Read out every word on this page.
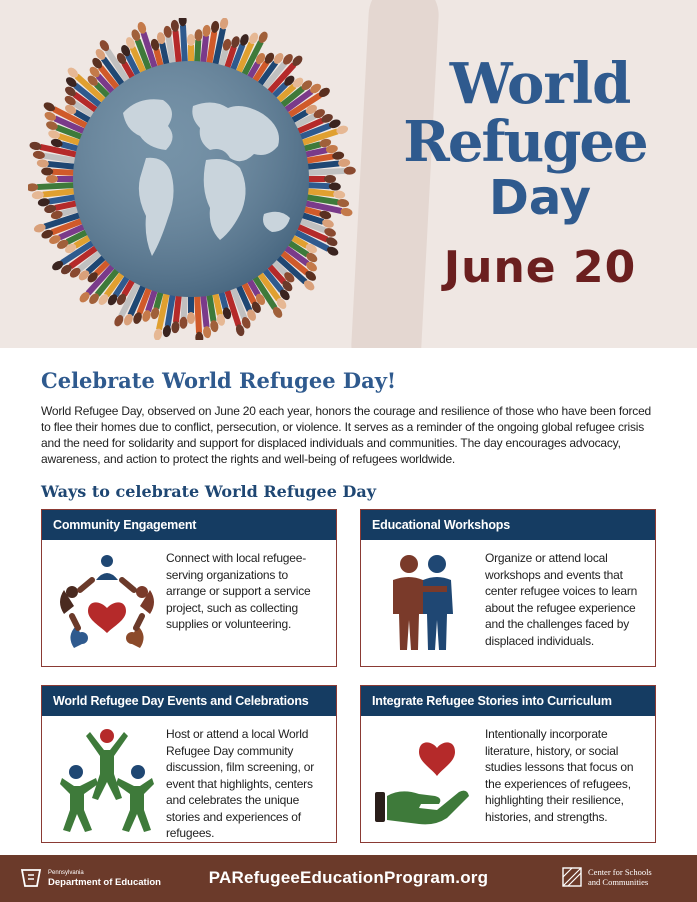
World
Refugee
Day
June 20
Celebrate World Refugee Day!
World Refugee Day, observed on June 20 each year, honors the courage and resilience of those who have been forced to flee their homes due to conflict, persecution, or violence. It serves as a reminder of the ongoing global refugee crisis and the need for solidarity and support for displaced individuals and communities. The day encourages advocacy, awareness, and action to protect the rights and well-being of refugees worldwide.
Ways to celebrate World Refugee Day
Community Engagement
Connect with local refugee-serving organizations to arrange or support a service project, such as collecting supplies or volunteering.
Educational Workshops
Organize or attend local workshops and events that center refugee voices to learn about the refugee experience and the challenges faced by displaced individuals.
World Refugee Day Events and Celebrations
Host or attend a local World Refugee Day community discussion, film screening, or event that highlights, centers and celebrates the unique stories and experiences of refugees.
Integrate Refugee Stories into Curriculum
Intentionally incorporate literature, history, or social studies lessons that focus on the experiences of refugees, highlighting their resilience, histories, and strengths.
Pennsylvania
Department of Education	PARefugeeEducationProgram.org	Center for Schools
and Communities
